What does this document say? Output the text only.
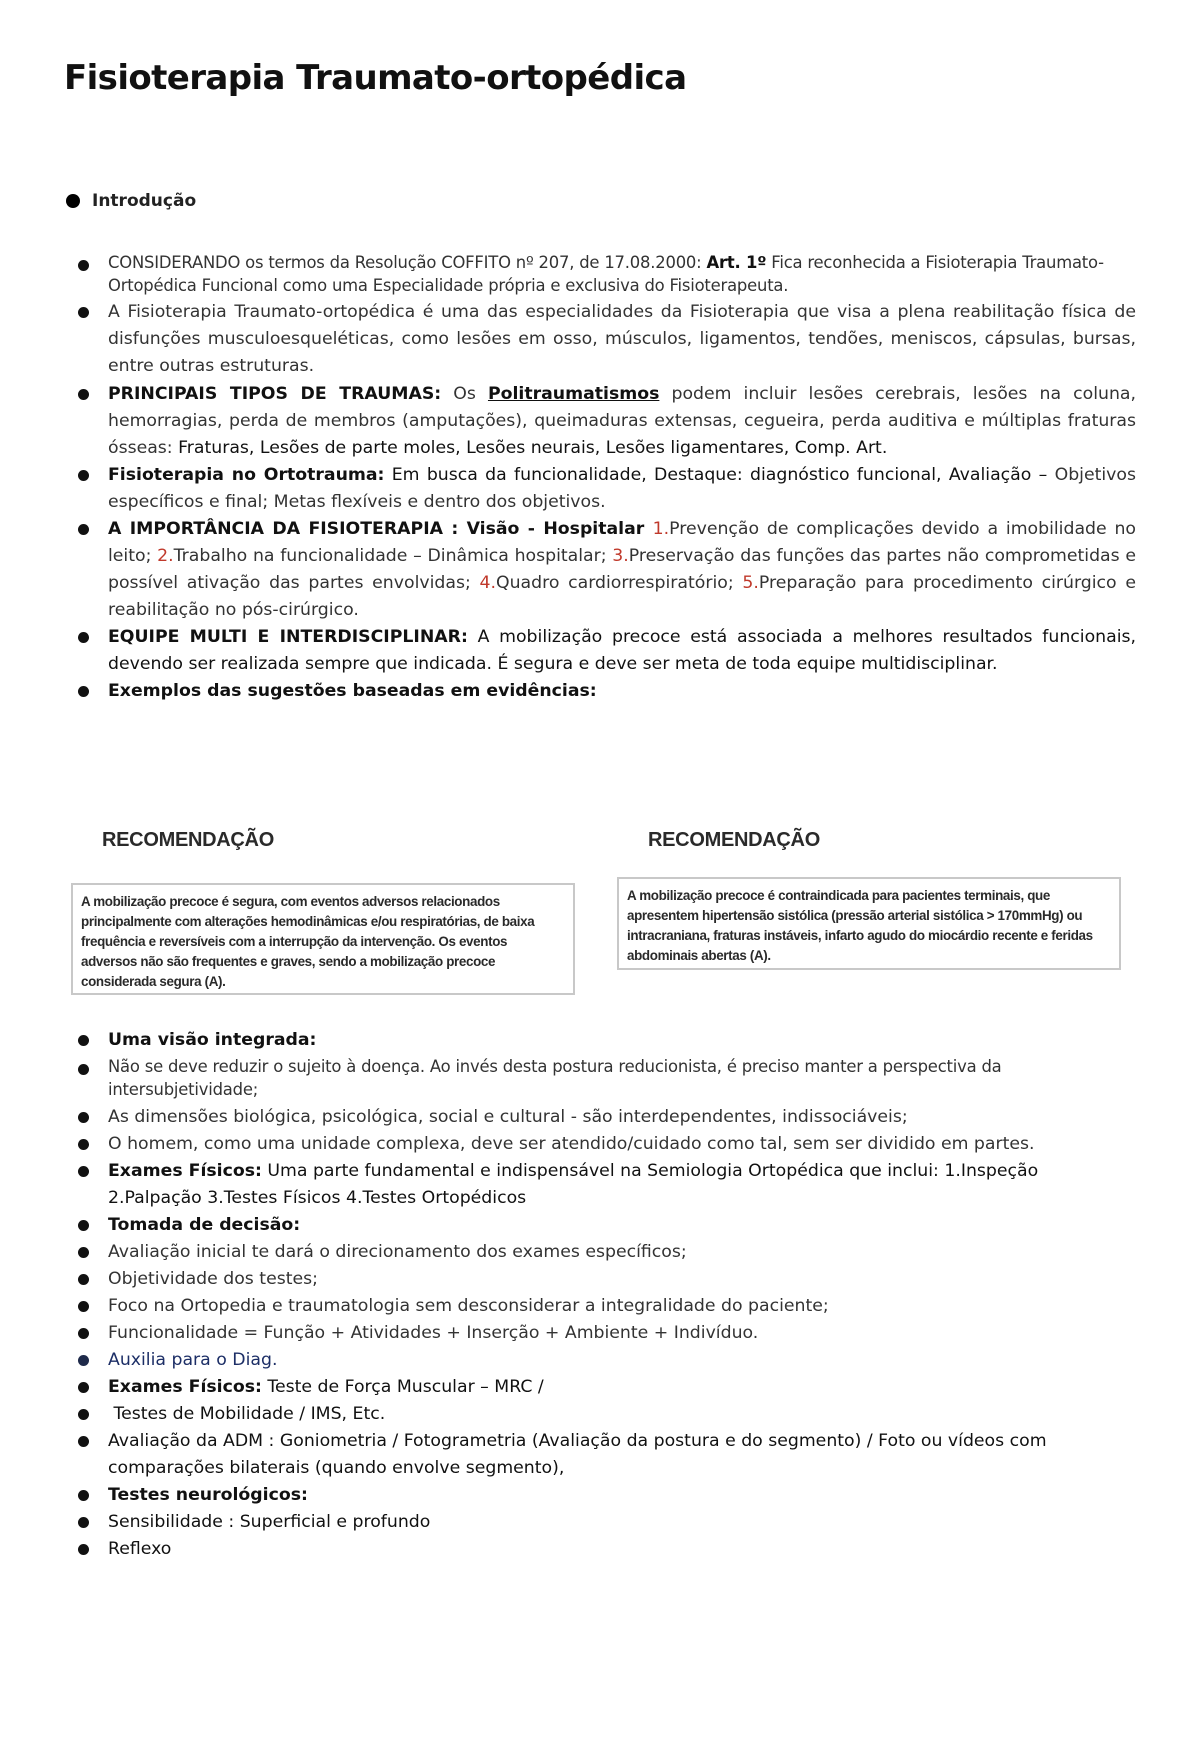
Fisioterapia Traumato-ortopédica
Introdução
CONSIDERANDO os termos da Resolução COFFITO nº 207, de 17.08.2000: Art. 1º Fica reconhecida a Fisioterapia Traumato-Ortopédica Funcional como uma Especialidade própria e exclusiva do Fisioterapeuta.
A Fisioterapia Traumato-ortopédica é uma das especialidades da Fisioterapia que visa a plena reabilitação física de disfunções musculoesqueléticas, como lesões em osso, músculos, ligamentos, tendões, meniscos, cápsulas, bursas, entre outras estruturas.
PRINCIPAIS TIPOS DE TRAUMAS: Os Politraumatismos podem incluir lesões cerebrais, lesões na coluna, hemorragias, perda de membros (amputações), queimaduras extensas, cegueira, perda auditiva e múltiplas fraturas ósseas: Fraturas, Lesões de parte moles, Lesões neurais, Lesões ligamentares, Comp. Art.
Fisioterapia no Ortotrauma: Em busca da funcionalidade, Destaque: diagnóstico funcional, Avaliação – Objetivos específicos e final; Metas flexíveis e dentro dos objetivos.
A IMPORTÂNCIA DA FISIOTERAPIA : Visão - Hospitalar 1.Prevenção de complicações devido a imobilidade no leito; 2.Trabalho na funcionalidade – Dinâmica hospitalar; 3.Preservação das funções das partes não comprometidas e possível ativação das partes envolvidas; 4.Quadro cardiorrespiratório; 5.Preparação para procedimento cirúrgico e reabilitação no pós-cirúrgico.
EQUIPE MULTI E INTERDISCIPLINAR: A mobilização precoce está associada a melhores resultados funcionais, devendo ser realizada sempre que indicada. É segura e deve ser meta de toda equipe multidisciplinar.
Exemplos das sugestões baseadas em evidências:
RECOMENDAÇÃO
A mobilização precoce é segura, com eventos adversos relacionados principalmente com alterações hemodinâmicas e/ou respiratórias, de baixa frequência e reversíveis com a interrupção da intervenção. Os eventos adversos não são frequentes e graves, sendo a mobilização precoce considerada segura (A).
RECOMENDAÇÃO
A mobilização precoce é contraindicada para pacientes terminais, que apresentem hipertensão sistólica (pressão arterial sistólica > 170mmHg) ou intracraniana, fraturas instáveis, infarto agudo do miocárdio recente e feridas abdominais abertas (A).
Uma visão integrada:
Não se deve reduzir o sujeito à doença. Ao invés desta postura reducionista, é preciso manter a perspectiva da intersubjetividade;
As dimensões biológica, psicológica, social e cultural - são interdependentes, indissociáveis;
O homem, como uma unidade complexa, deve ser atendido/cuidado como tal, sem ser dividido em partes.
Exames Físicos: Uma parte fundamental e indispensável na Semiologia Ortopédica que inclui: 1.Inspeção 2.Palpação 3.Testes Físicos 4.Testes Ortopédicos
Tomada de decisão:
Avaliação inicial te dará o direcionamento dos exames específicos;
Objetividade dos testes;
Foco na Ortopedia e traumatologia sem desconsiderar a integralidade do paciente;
Funcionalidade = Função + Atividades + Inserção + Ambiente + Indivíduo.
Auxilia para o Diag.
Exames Físicos: Teste de Força Muscular – MRC /
Testes de Mobilidade / IMS, Etc.
Avaliação da ADM : Goniometria / Fotogrametria (Avaliação da postura e do segmento) / Foto ou vídeos com comparações bilaterais (quando envolve segmento),
Testes neurológicos:
Sensibilidade : Superficial e profundo
Reflexo
